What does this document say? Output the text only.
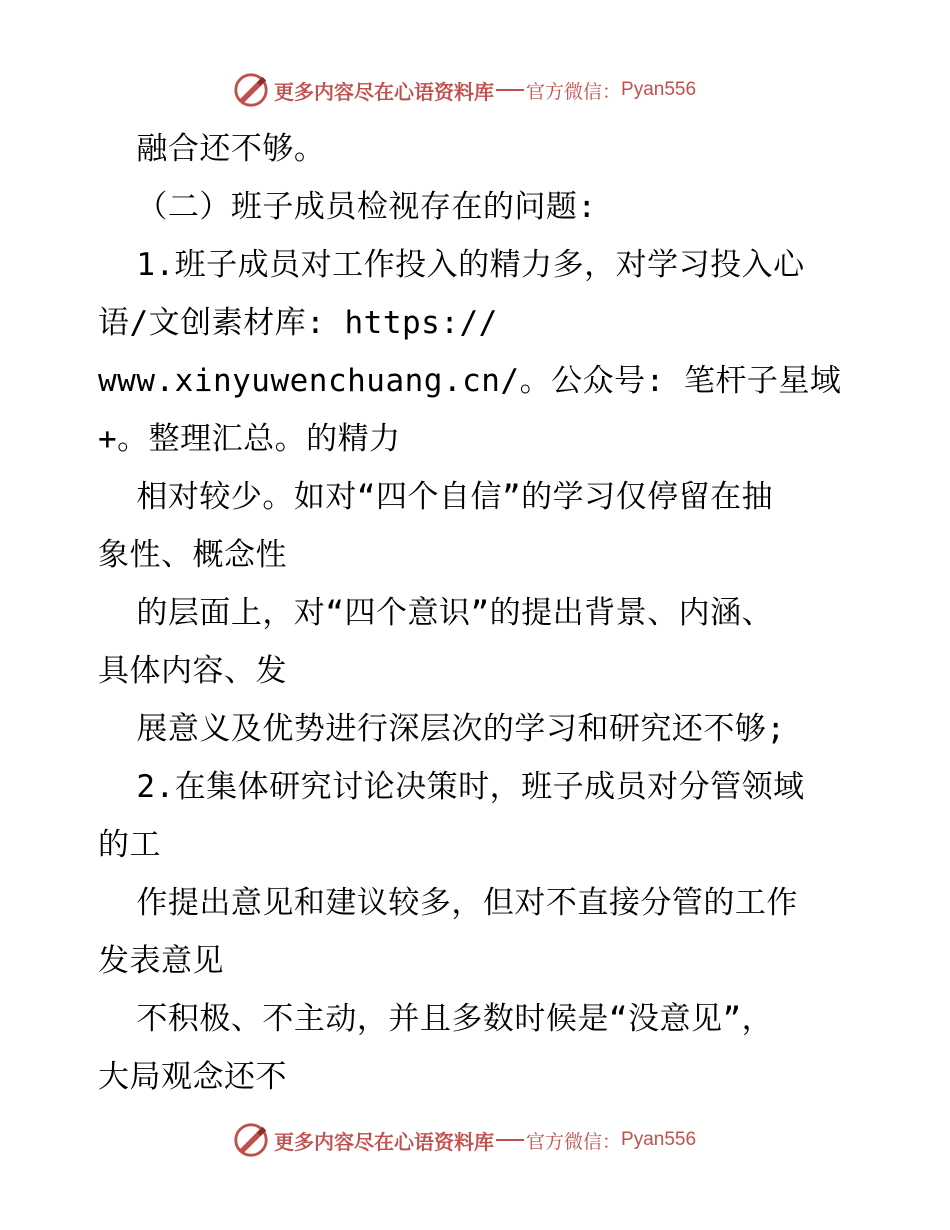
更多内容尽在心语资料库 官方微信： Pyan556
融合还不够。
（二）班子成员检视存在的问题:
1.班子成员对工作投入的精力多，对学习投入心
语/文创素材库: https://
www.xinyuwenchuang.cn/。公众号: 笔杆子星域
+。整理汇总。的精力
相对较少。如对“四个自信”的学习仅停留在抽
象性、概念性
的层面上，对“四个意识”的提出背景、内涵、
具体内容、发
展意义及优势进行深层次的学习和研究还不够;
2.在集体研究讨论决策时，班子成员对分管领域
的工
作提出意见和建议较多，但对不直接分管的工作
发表意见
不积极、不主动，并且多数时候是“没意见”，
大局观念还不
更多内容尽在心语资料库 官方微信： Pyan556
